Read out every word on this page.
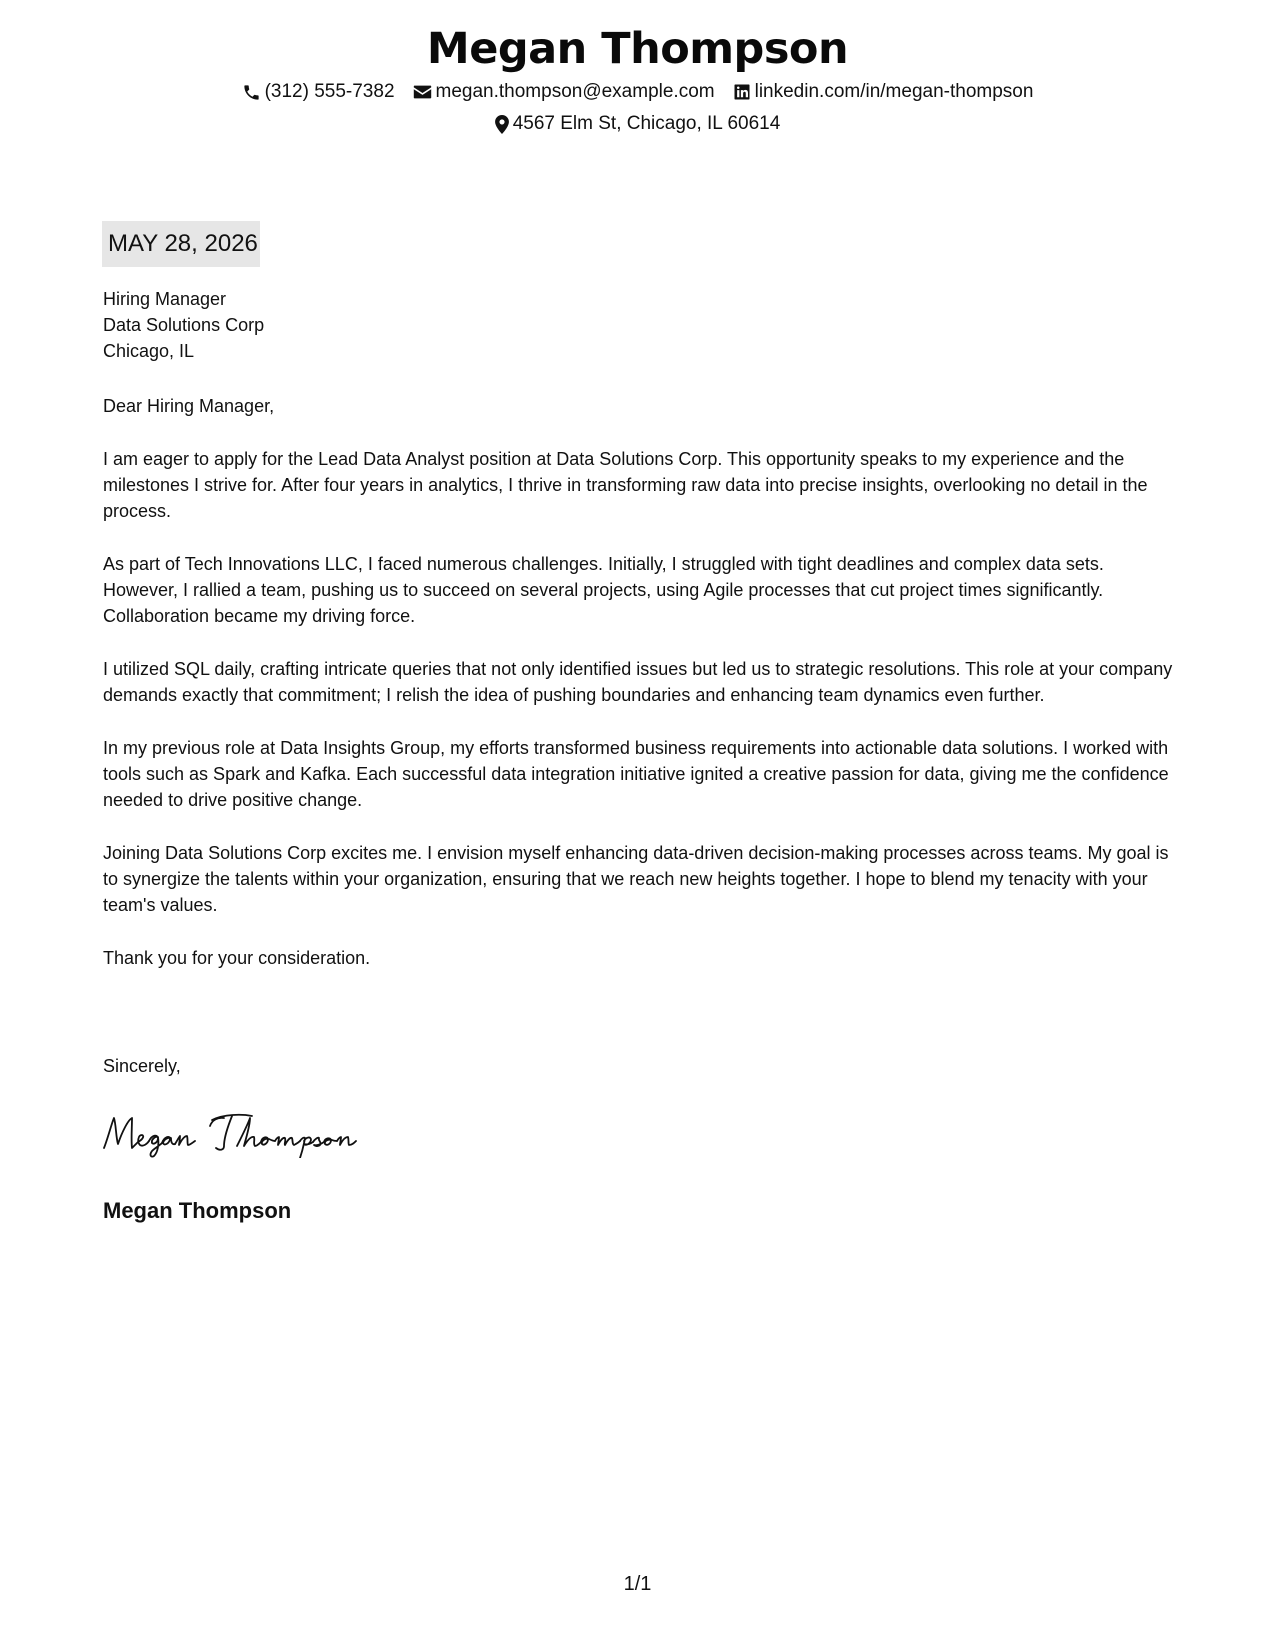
Megan Thompson
(312) 555-7382 megan.thompson@example.com linkedin.com/in/megan-thompson
4567 Elm St, Chicago, IL 60614
MAY 28, 2026
Hiring Manager
Data Solutions Corp
Chicago, IL
Dear Hiring Manager,

I am eager to apply for the Lead Data Analyst position at Data Solutions Corp. This opportunity speaks to my experience and the milestones I strive for. After four years in analytics, I thrive in transforming raw data into precise insights, overlooking no detail in the process.

As part of Tech Innovations LLC, I faced numerous challenges. Initially, I struggled with tight deadlines and complex data sets. However, I rallied a team, pushing us to succeed on several projects, using Agile processes that cut project times significantly. Collaboration became my driving force.

I utilized SQL daily, crafting intricate queries that not only identified issues but led us to strategic resolutions. This role at your company demands exactly that commitment; I relish the idea of pushing boundaries and enhancing team dynamics even further.

In my previous role at Data Insights Group, my efforts transformed business requirements into actionable data solutions. I worked with tools such as Spark and Kafka. Each successful data integration initiative ignited a creative passion for data, giving me the confidence needed to drive positive change.

Joining Data Solutions Corp excites me. I envision myself enhancing data-driven decision-making processes across teams. My goal is to synergize the talents within your organization, ensuring that we reach new heights together. I hope to blend my tenacity with your team's values.

Thank you for your consideration.

Sincerely,
Megan Thompson
1/1
